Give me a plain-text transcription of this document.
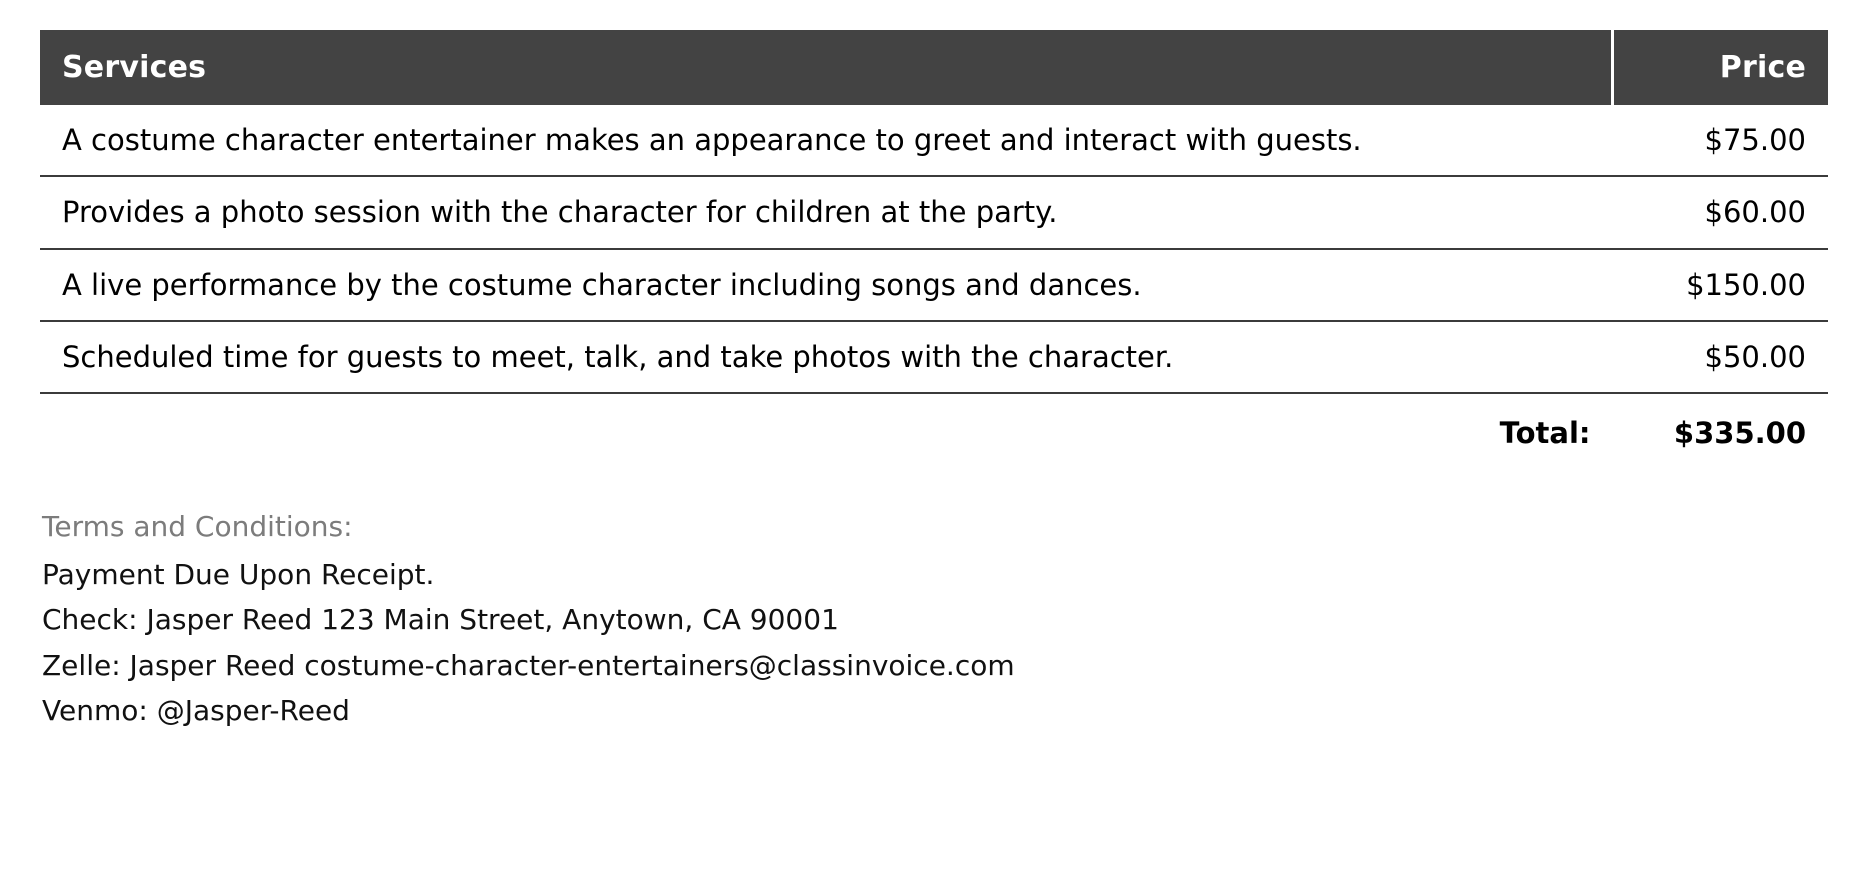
Services	Price
A costume character entertainer makes an appearance to greet and interact with guests.	$75.00
Provides a photo session with the character for children at the party.	$60.00
A live performance by the costume character including songs and dances.	$150.00
Scheduled time for guests to meet, talk, and take photos with the character.	$50.00
Total:	$335.00
Terms and Conditions:
Payment Due Upon Receipt.
Check: Jasper Reed 123 Main Street, Anytown, CA 90001
Zelle: Jasper Reed costume-character-entertainers@classinvoice.com
Venmo: @Jasper-Reed
